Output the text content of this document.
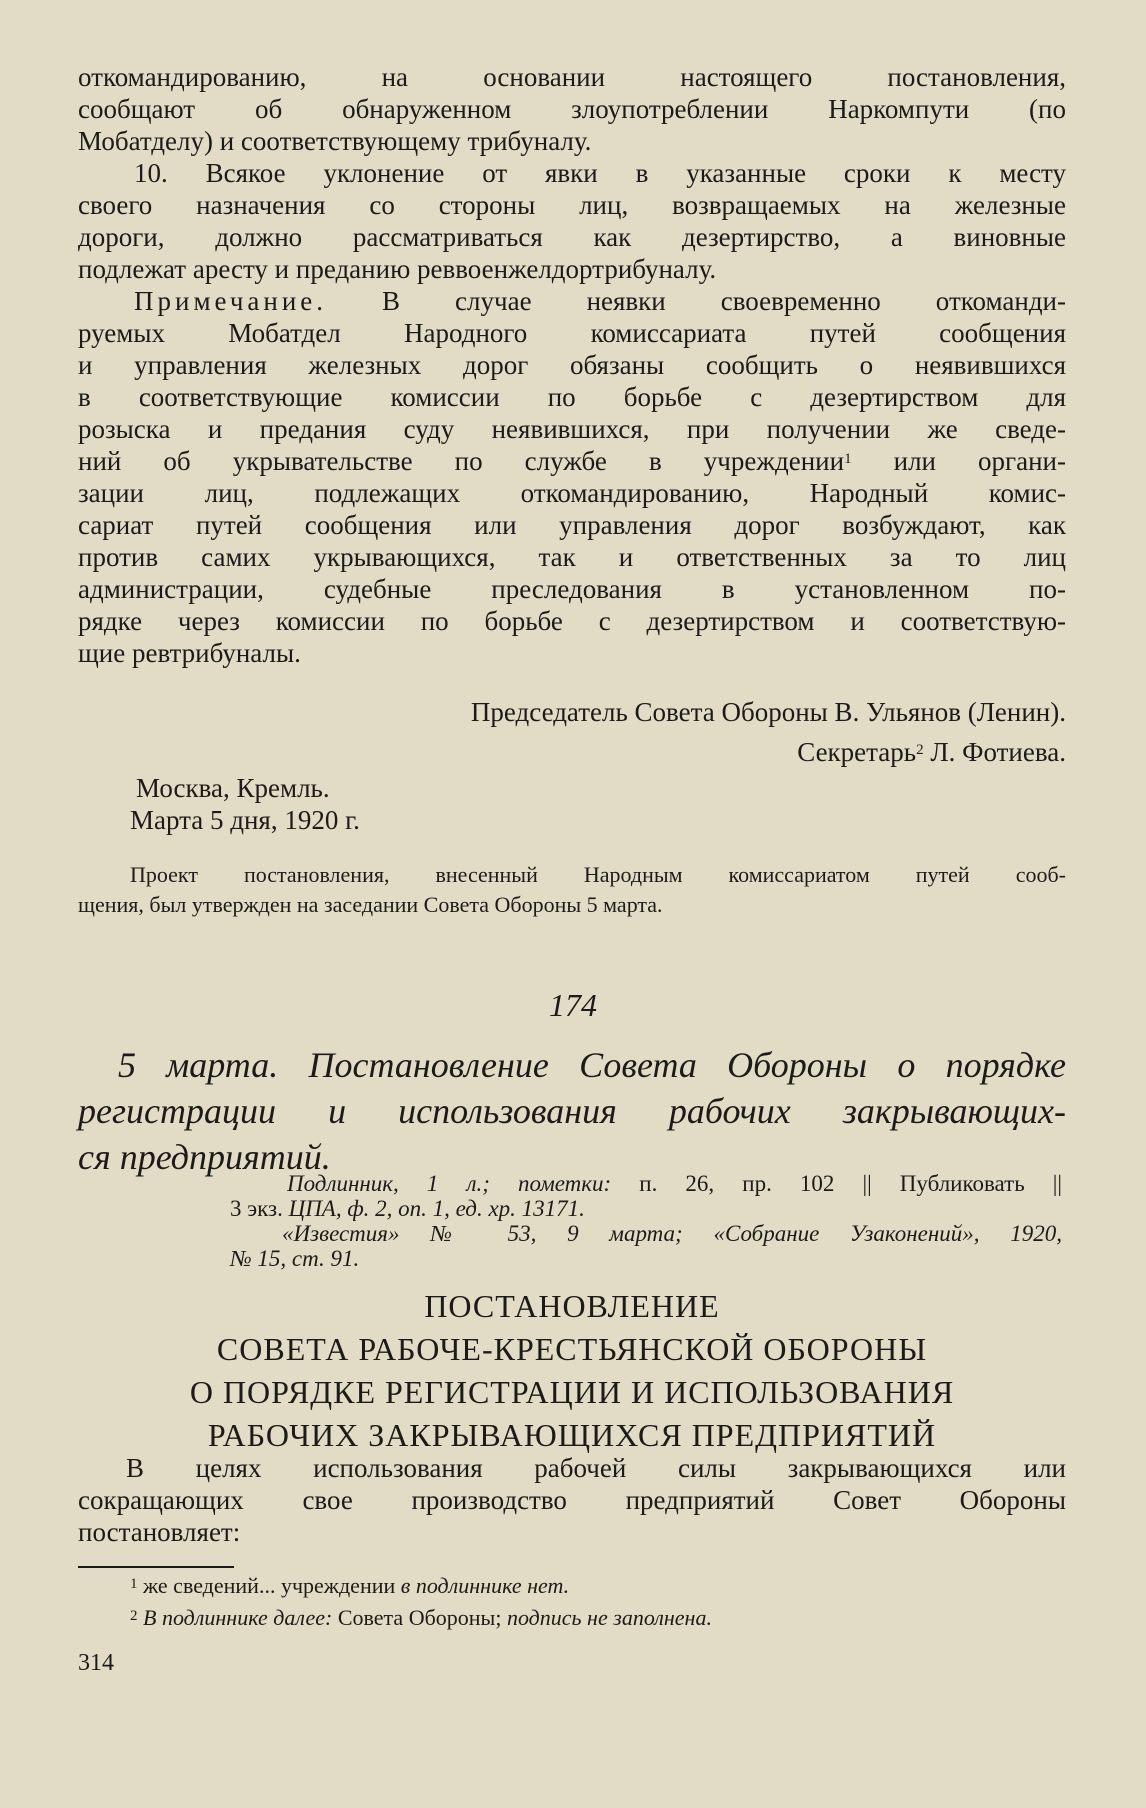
откомандированию, на основании настоящего постановления,
сообщают об обнаруженном злоупотреблении Наркомпути (по
Мобатделу) и соответствующему трибуналу.
10. Всякое уклонение от явки в указанные сроки к месту
своего назначения со стороны лиц, возвращаемых на железные
дороги, должно рассматриваться как дезертирство, а виновные
подлежат аресту и преданию реввоенжелдортрибуналу.
Примечание. В случае неявки своевременно откоманди-
руемых Мобатдел Народного комиссариата путей сообщения
и управления железных дорог обязаны сообщить о неявившихся
в соответствующие комиссии по борьбе с дезертирством для
розыска и предания суду неявившихся, при получении же сведе-
ний об укрывательстве по службе в учреждении$^1$ или органи-
зации лиц, подлежащих откомандированию, Народный комис-
сариат путей сообщения или управления дорог возбуждают, как
против самих укрывающихся, так и ответственных за то лиц
администрации, судебные преследования в установленном по-
рядке через комиссии по борьбе с дезертирством и соответствую-
щие ревтрибуналы.
Председатель Совета Обороны В. Ульянов (Ленин).
Секретарь$^2$ Л. Фотиева.
Москва, Кремль.
Марта 5 дня, 1920 г.
Проект постановления, внесенный Народным комиссариатом путей сооб-
щения, был утвержден на заседании Совета Обороны 5 марта.
174
5 марта. Постановление Совета Обороны о порядке
регистрации и использования рабочих закрывающих-
ся предприятий.
Подлинник, 1 л.; пометки: п. 26, пр. 102 || Публиковать ||
3 экз. ЦПА, ф. 2, оп. 1, ед. хр. 13171.
«Известия» № 53, 9 марта; «Собрание Узаконений», 1920,
№ 15, ст. 91.
ПОСТАНОВЛЕНИЕ
СОВЕТА РАБОЧЕ-КРЕСТЬЯНСКОЙ ОБОРОНЫ
О ПОРЯДКЕ РЕГИСТРАЦИИ И ИСПОЛЬЗОВАНИЯ
РАБОЧИХ ЗАКРЫВАЮЩИХСЯ ПРЕДПРИЯТИЙ
В целях использования рабочей силы закрывающихся или
сокращающих свое производство предприятий Совет Обороны
постановляет:
$^1$ же сведений... учреждении в подлиннике нет.
$^2$ В подлиннике далее: Совета Обороны; подпись не заполнена.
314
